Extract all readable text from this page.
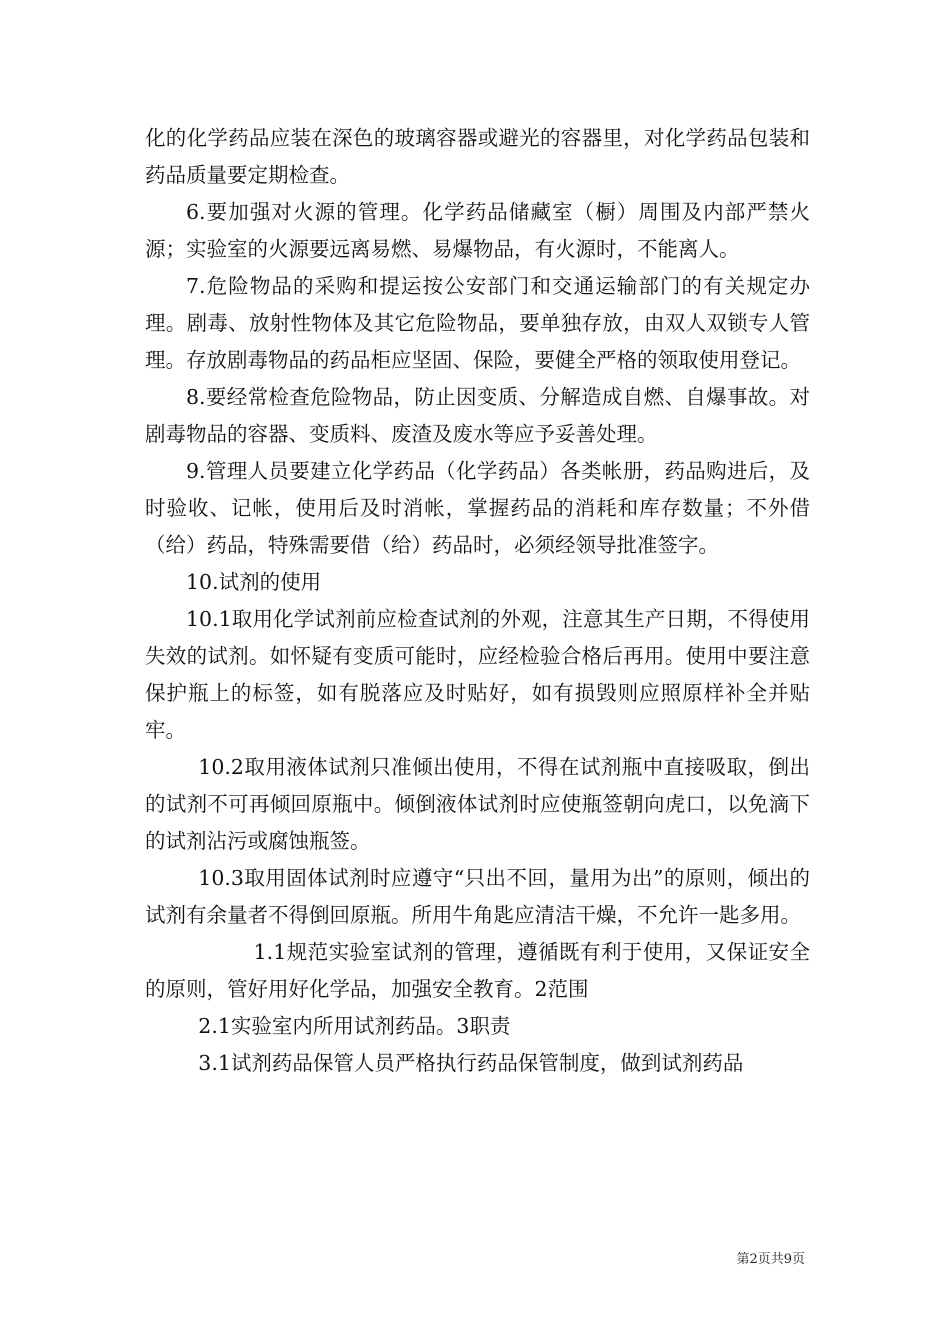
化的化学药品应装在深色的玻璃容器或避光的容器里，对化学药品包装和药品质量要定期检查。

6.要加强对火源的管理。化学药品储藏室（橱）周围及内部严禁火源；实验室的火源要远离易燃、易爆物品，有火源时，不能离人。

7.危险物品的采购和提运按公安部门和交通运输部门的有关规定办理。剧毒、放射性物体及其它危险物品，要单独存放，由双人双锁专人管理。存放剧毒物品的药品柜应坚固、保险，要健全严格的领取使用登记。

8.要经常检查危险物品，防止因变质、分解造成自燃、自爆事故。对剧毒物品的容器、变质料、废渣及废水等应予妥善处理。

9.管理人员要建立化学药品（化学药品）各类帐册，药品购进后，及时验收、记帐，使用后及时消帐，掌握药品的消耗和库存数量；不外借（给）药品，特殊需要借（给）药品时，必须经领导批准签字。

10.试剂的使用

10.1取用化学试剂前应检查试剂的外观，注意其生产日期，不得使用失效的试剂。如怀疑有变质可能时，应经检验合格后再用。使用中要注意保护瓶上的标签，如有脱落应及时贴好，如有损毁则应照原样补全并贴牢。

10.2取用液体试剂只准倾出使用，不得在试剂瓶中直接吸取，倒出的试剂不可再倾回原瓶中。倾倒液体试剂时应使瓶签朝向虎口，以免滴下的试剂沾污或腐蚀瓶签。

10.3取用固体试剂时应遵守“只出不回，量用为出”的原则，倾出的试剂有余量者不得倒回原瓶。所用牛角匙应清洁干燥，不允许一匙多用。

1.1规范实验室试剂的管理，遵循既有利于使用，又保证安全的原则，管好用好化学品，加强安全教育。2范围

2.1实验室内所用试剂药品。3职责

3.1试剂药品保管人员严格执行药品保管制度，做到试剂药品

第2页共9页
